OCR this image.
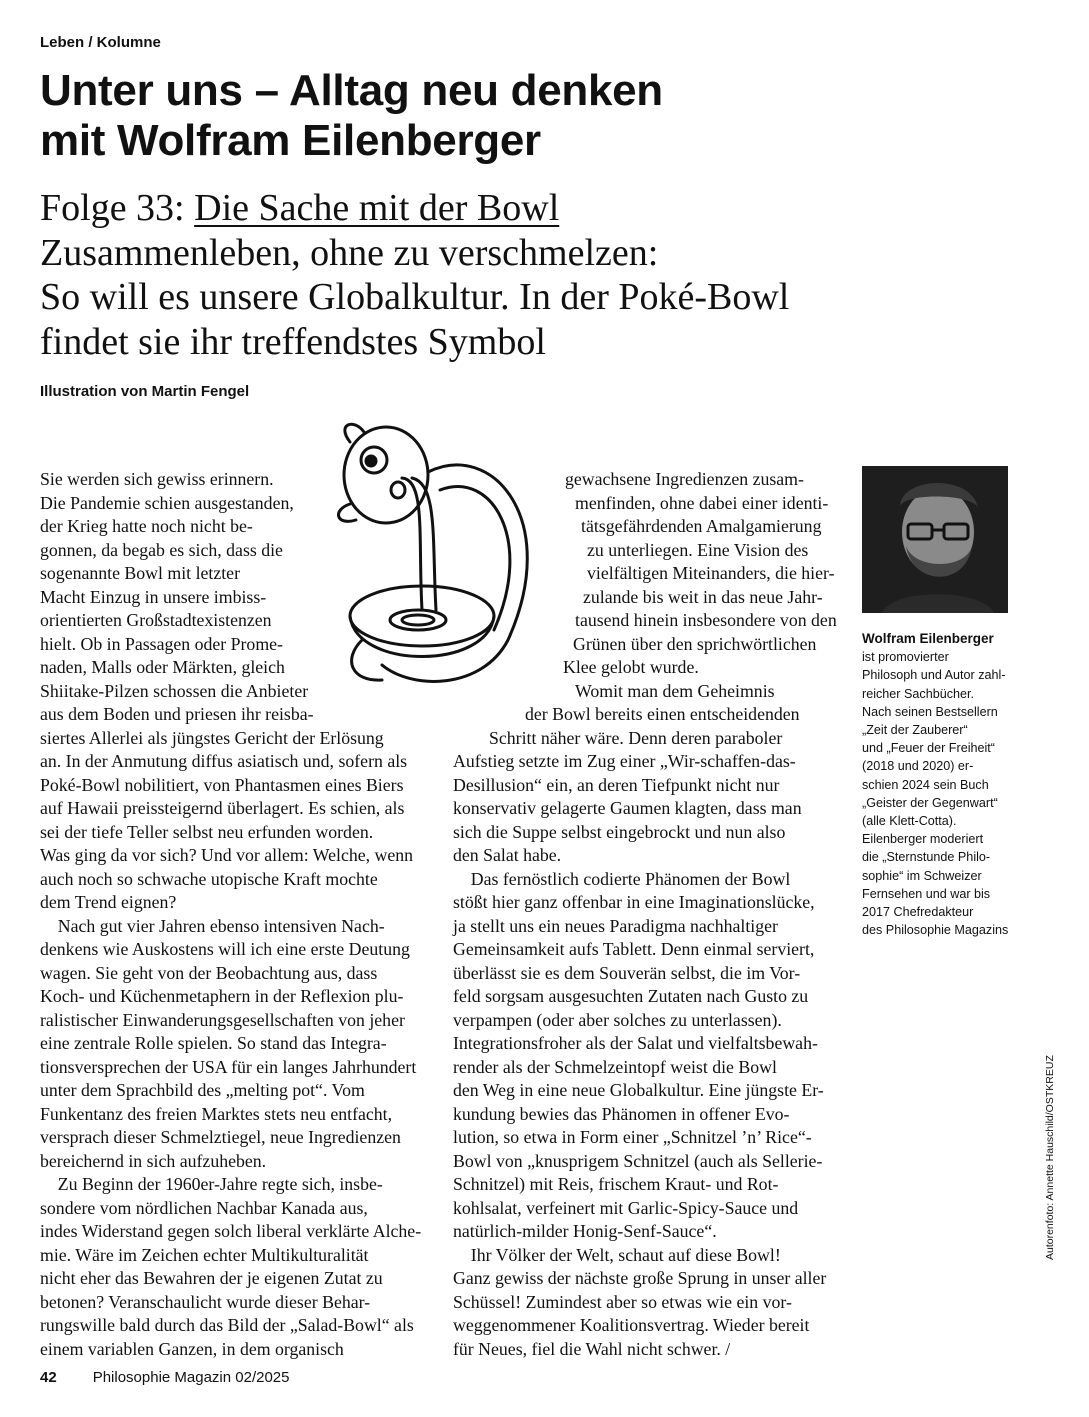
Leben / Kolumne
Unter uns – Alltag neu denken
mit Wolfram Eilenberger
Folge 33: Die Sache mit der Bowl
Zusammenleben, ohne zu verschmelzen:
So will es unsere Globalkultur. In der Poké-Bowl
findet sie ihr treffendstes Symbol
Illustration von Martin Fengel
Sie werden sich gewiss erinnern.
Die Pandemie schien ausgestanden,
der Krieg hatte noch nicht be-
gonnen, da begab es sich, dass die
sogenannte Bowl mit letzter
Macht Einzug in unsere imbiss-
orientierten Großstadtexistenzen
hielt. Ob in Passagen oder Prome-
naden, Malls oder Märkten, gleich
Shiitake-Pilzen schossen die Anbieter
aus dem Boden und priesen ihr reisba-
siertes Allerlei als jüngstes Gericht der Erlösung
an. In der Anmutung diffus asiatisch und, sofern als
Poké-Bowl nobilitiert, von Phantasmen eines Biers
auf Hawaii preissteigernd überlagert. Es schien, als
sei der tiefe Teller selbst neu erfunden worden.
Was ging da vor sich? Und vor allem: Welche, wenn
auch noch so schwache utopische Kraft mochte
dem Trend eignen?
Nach gut vier Jahren ebenso intensiven Nach-
denkens wie Auskostens will ich eine erste Deutung
wagen. Sie geht von der Beobachtung aus, dass
Koch- und Küchenmetaphern in der Reflexion plu-
ralistischer Einwanderungsgesellschaften von jeher
eine zentrale Rolle spielen. So stand das Integra-
tionsversprechen der USA für ein langes Jahrhundert
unter dem Sprachbild des „melting pot“. Vom
Funkentanz des freien Marktes stets neu entfacht,
versprach dieser Schmelztiegel, neue Ingredienzen
bereichernd in sich aufzuheben.
Zu Beginn der 1960er-Jahre regte sich, insbe-
sondere vom nördlichen Nachbar Kanada aus,
indes Widerstand gegen solch liberal verklärte Alche-
mie. Wäre im Zeichen echter Multikulturalität
nicht eher das Bewahren der je eigenen Zutat zu
betonen? Veranschaulicht wurde dieser Behar-
rungswille bald durch das Bild der „Salad-Bowl“ als
einem variablen Ganzen, in dem organisch
gewachsene Ingredienzen zusam-
menfinden, ohne dabei einer identi-
tätsgefährdenden Amalgamierung
zu unterliegen. Eine Vision des
vielfältigen Miteinanders, die hier-
zulande bis weit in das neue Jahr-
tausend hinein insbesondere von den
Grünen über den sprichwörtlichen
Klee gelobt wurde.
Womit man dem Geheimnis
der Bowl bereits einen entscheidenden
Schritt näher wäre. Denn deren paraboler
Aufstieg setzte im Zug einer „Wir-schaffen-das-
Desillusion“ ein, an deren Tiefpunkt nicht nur
konservativ gelagerte Gaumen klagten, dass man
sich die Suppe selbst eingebrockt und nun also
den Salat habe.
Das fernöstlich codierte Phänomen der Bowl
stößt hier ganz offenbar in eine Imaginationslücke,
ja stellt uns ein neues Paradigma nachhaltiger
Gemeinsamkeit aufs Tablett. Denn einmal serviert,
überlässt sie es dem Souverän selbst, die im Vor-
feld sorgsam ausgesuchten Zutaten nach Gusto zu
verpampen (oder aber solches zu unterlassen).
Integrationsfroher als der Salat und vielfaltsbewah-
render als der Schmelzeintopf weist die Bowl
den Weg in eine neue Globalkultur. Eine jüngste Er-
kundung bewies das Phänomen in offener Evo-
lution, so etwa in Form einer „Schnitzel ’n’ Rice“-
Bowl von „knusprigem Schnitzel (auch als Sellerie-
Schnitzel) mit Reis, frischem Kraut- und Rot-
kohlsalat, verfeinert mit Garlic-Spicy-Sauce und
natürlich-milder Honig-Senf-Sauce“.
Ihr Völker der Welt, schaut auf diese Bowl!
Ganz gewiss der nächste große Sprung in unser aller
Schüssel! Zumindest aber so etwas wie ein vor-
weggenommener Koalitionsvertrag. Wieder bereit
für Neues, fiel die Wahl nicht schwer. /
Wolfram Eilenberger
ist promovierter
Philosoph und Autor zahl-
reicher Sachbücher.
Nach seinen Bestsellern
„Zeit der Zauberer“
und „Feuer der Freiheit“
(2018 und 2020) er-
schien 2024 sein Buch
„Geister der Gegenwart“
(alle Klett-Cotta).
Eilenberger moderiert
die „Sternstunde Philo-
sophie“ im Schweizer
Fernsehen und war bis
2017 Chefredakteur
des Philosophie Magazins
Autorenfoto: Annette Hauschild/OSTKREUZ
42 Philosophie Magazin 02/2025
